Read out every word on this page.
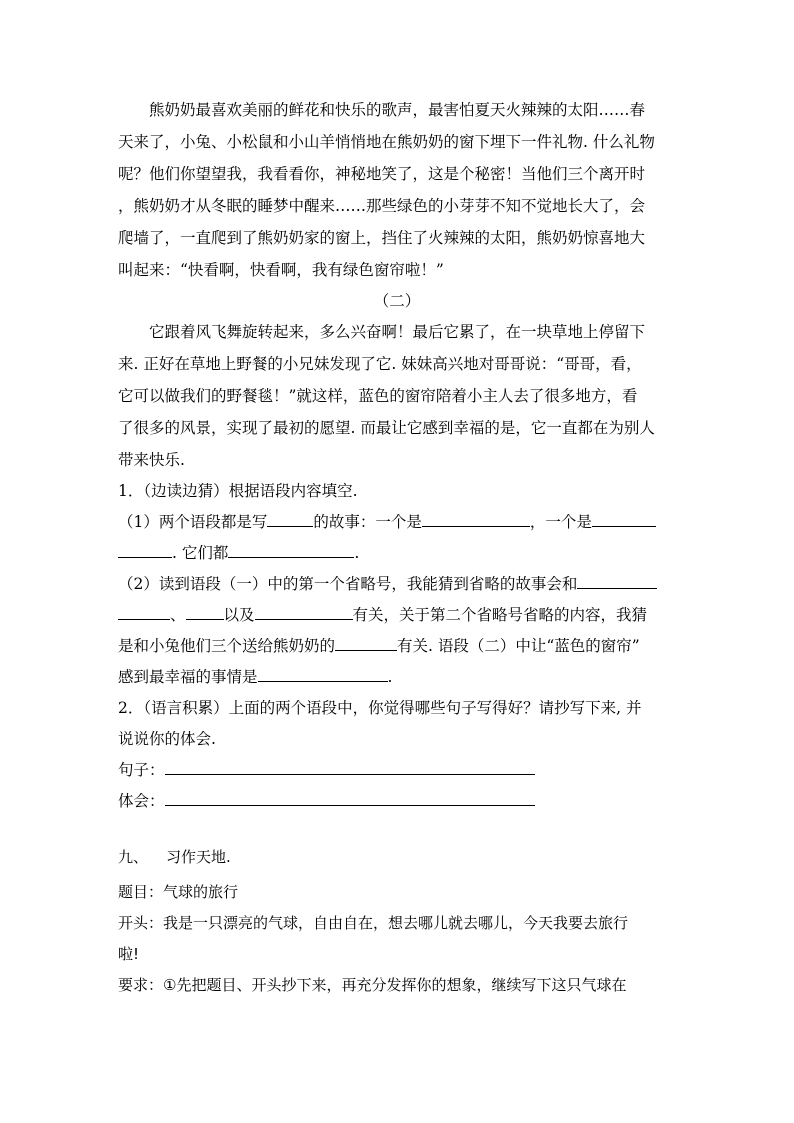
熊奶奶最喜欢美丽的鲜花和快乐的歌声，最害怕夏天火辣辣的太阳……春
天来了，小兔、小松鼠和小山羊悄悄地在熊奶奶的窗下埋下一件礼物. 什么礼物
呢？他们你望望我，我看看你，神秘地笑了，这是个秘密！当他们三个离开时
，熊奶奶才从冬眠的睡梦中醒来……那些绿色的小芽芽不知不觉地长大了，会
爬墙了，一直爬到了熊奶奶家的窗上，挡住了火辣辣的太阳，熊奶奶惊喜地大
叫起来：“快看啊，快看啊，我有绿色窗帘啦！”
（二）
它跟着风飞舞旋转起来，多么兴奋啊！最后它累了，在一块草地上停留下
来. 正好在草地上野餐的小兄妹发现了它. 妹妹高兴地对哥哥说：“哥哥，看，
它可以做我们的野餐毯！”就这样，蓝色的窗帘陪着小主人去了很多地方，看
了很多的风景，实现了最初的愿望. 而最让它感到幸福的是，它一直都在为别人
带来快乐.
1．（边读边猜）根据语段内容填空.
（1）两个语段都是写	的故事：一个是	，一个是
. 它们都	.
（2）读到语段（一）中的第一个省略号，我能猜到省略的故事会和
、 以及	有关，关于第二个省略号省略的内容，我猜
是和小兔他们三个送给熊奶奶的	有关. 语段（二）中让“蓝色的窗帘”
感到最幸福的事情是	.
2．（语言积累）上面的两个语段中，你觉得哪些句子写得好？请抄写下来, 并
说说你的体会.
句子：
体会：
九、 习作天地.
题目：气球的旅行
开头：我是一只漂亮的气球，自由自在，想去哪儿就去哪儿，今天我要去旅行
啦!
要求：①先把题目、开头抄下来，再充分发挥你的想象，继续写下这只气球在
